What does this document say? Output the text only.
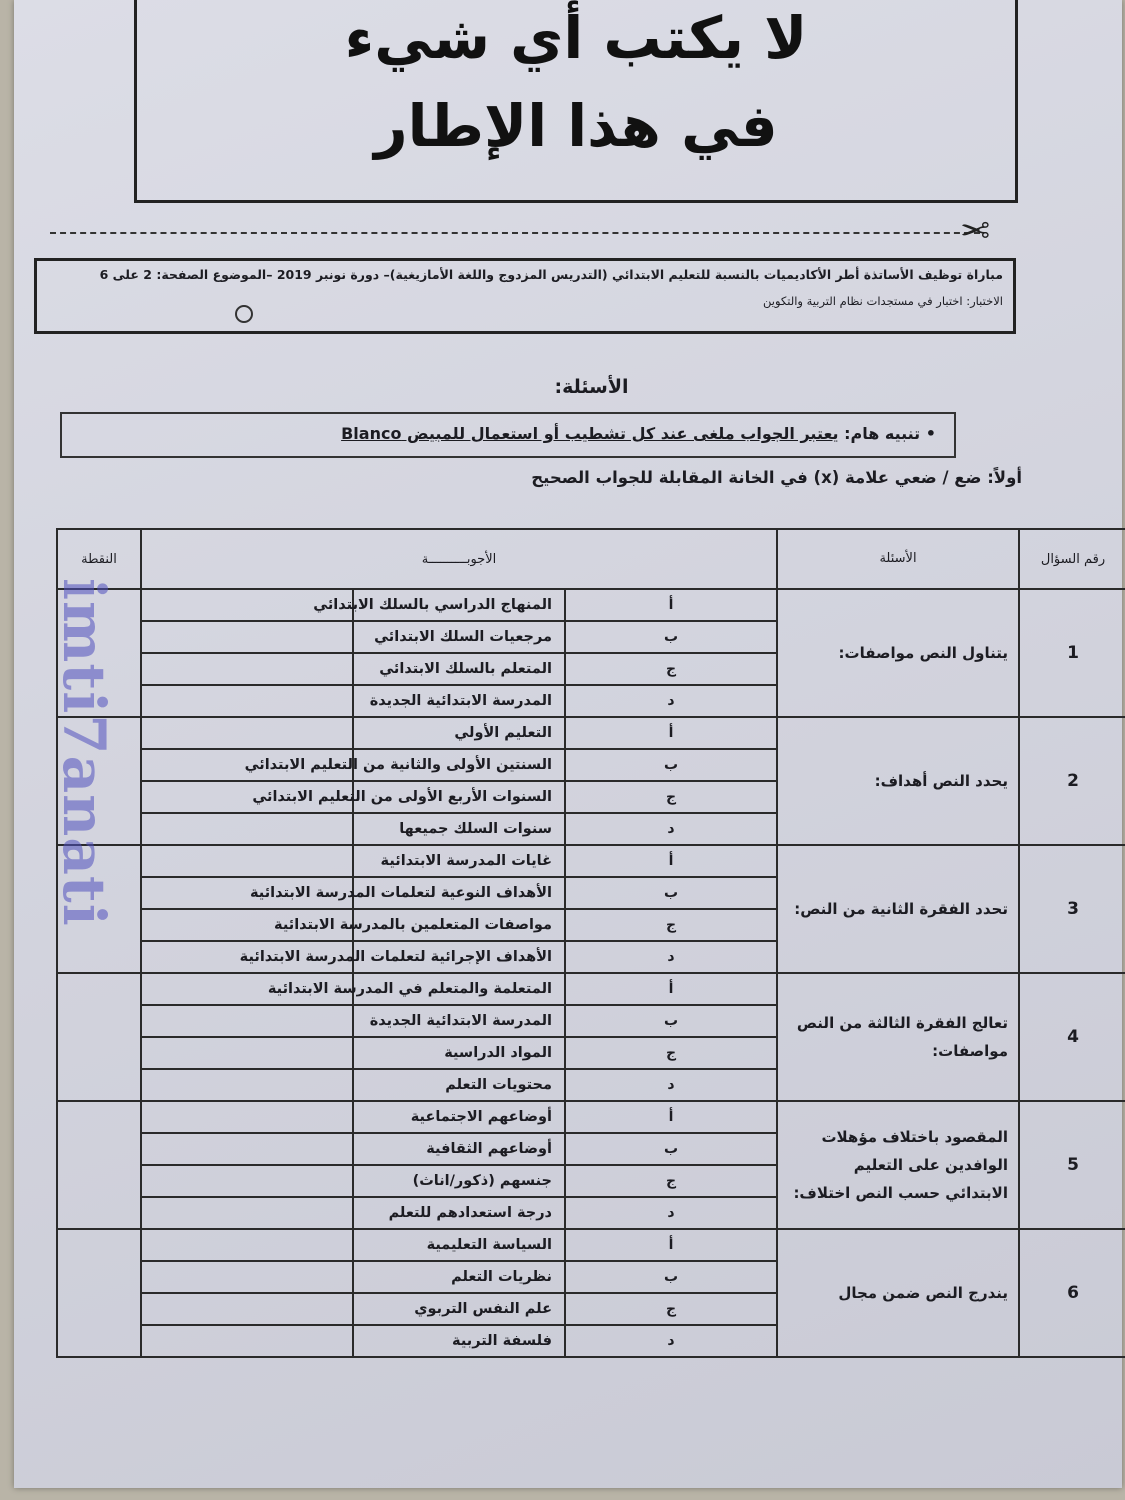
لا يكتب أي شيء
في هذا الإطار
✂
مباراة توظيف الأساتذة أطر الأكاديميات بالنسبة للتعليم الابتدائي (التدريس المزدوج واللغة الأمازيغية)– دورة نونبر 2019 –الموضوع الصفحة: 2 على 6
الاختبار: اختبار في مستجدات نظام التربية والتكوين
الأسئلة:
• تنبيه هام: يعتبر الجواب ملغى عند كل تشطيب أو استعمال للمبيض Blanco
أولاً: ضع / ضعي علامة (x) في الخانة المقابلة للجواب الصحيح
رقم السؤال	الأسئلة	الأجوبــــــــــة			النقطة
1	يتناول النص مواصفات:	أ	المنهاج الدراسي بالسلك الابتدائي		
		ب	مرجعيات السلك الابتدائي		
		ج	المتعلم بالسلك الابتدائي		
		د	المدرسة الابتدائية الجديدة		
2	يحدد النص أهداف:	أ	التعليم الأولي		
		ب	السنتين الأولى والثانية من التعليم الابتدائي		
		ج	السنوات الأربع الأولى من التعليم الابتدائي		
		د	سنوات السلك جميعها		
3	تحدد الفقرة الثانية من النص:	أ	غايات المدرسة الابتدائية		
		ب	الأهداف النوعية لتعلمات المدرسة الابتدائية		
		ج	مواصفات المتعلمين بالمدرسة الابتدائية		
		د	الأهداف الإجرائية لتعلمات المدرسة الابتدائية		
4	تعالج الفقرة الثالثة من النص مواصفات:	أ	المتعلمة والمتعلم في المدرسة الابتدائية		
		ب	المدرسة الابتدائية الجديدة		
		ج	المواد الدراسية		
		د	محتويات التعلم		
5	المقصود باختلاف مؤهلات الوافدين على التعليم الابتدائي حسب النص اختلاف:	أ	أوضاعهم الاجتماعية		
		ب	أوضاعهم الثقافية		
		ج	جنسهم (ذكور/اناث)		
		د	درجة استعدادهم للتعلم		
6	يندرج النص ضمن مجال	أ	السياسة التعليمية		
		ب	نظريات التعلم		
		ج	علم النفس التربوي		
		د	فلسفة التربية		
imti7anati
